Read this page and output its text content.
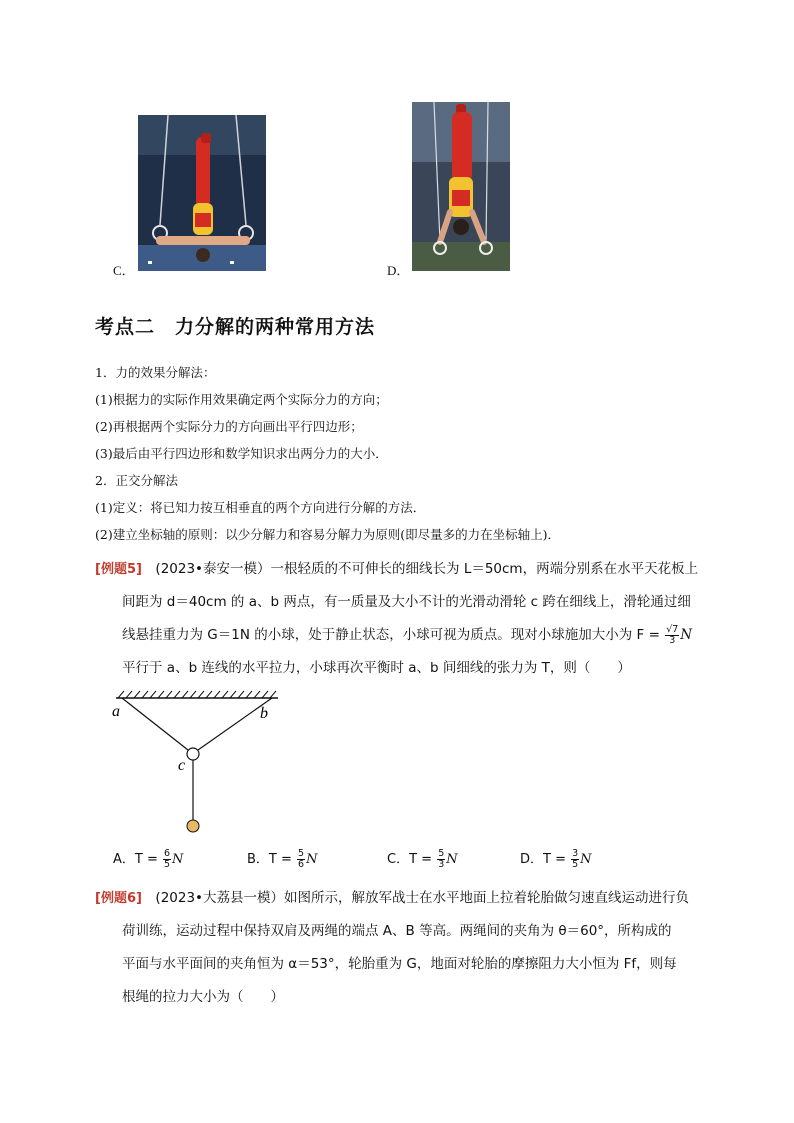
C．	D．
考点二　力分解的两种常用方法
1．力的效果分解法：
(1)根据力的实际作用效果确定两个实际分力的方向；
(2)再根据两个实际分力的方向画出平行四边形；
(3)最后由平行四边形和数学知识求出两分力的大小．
2．正交分解法
(1)定义：将已知力按互相垂直的两个方向进行分解的方法．
(2)建立坐标轴的原则：以少分解力和容易分解力为原则(即尽量多的力在坐标轴上)．
[例题5]　(2023•泰安一模）一根轻质的不可伸长的细线长为 L＝50cm，两端分别系在水平天花板上
间距为 d＝40cm 的 a、b 两点，有一质量及大小不计的光滑动滑轮 c 跨在细线上，滑轮通过细
线悬挂重力为 G＝1N 的小球，处于静止状态，小球可视为质点。现对小球施加大小为 $F = \frac{√7}{3}$ N
平行于 a、b 连线的水平拉力，小球再次平衡时 a、b 间细线的张力为 T，则（　　）
a	b
c
A．$T = \frac{6}{5}$ N	B．$T = \frac{5}{6}$ N	C．$T = \frac{5}{3}$ N	D．$T = \frac{3}{5}$ N
[例题6]　(2023•大荔县一模）如图所示，解放军战士在水平地面上拉着轮胎做匀速直线运动进行负
荷训练，运动过程中保持双肩及两绳的端点 A、B 等高。两绳间的夹角为 θ＝60°，所构成的
平面与水平面间的夹角恒为 α＝53°，轮胎重为 G，地面对轮胎的摩擦阻力大小恒为 Ff，则每
根绳的拉力大小为（　　）
